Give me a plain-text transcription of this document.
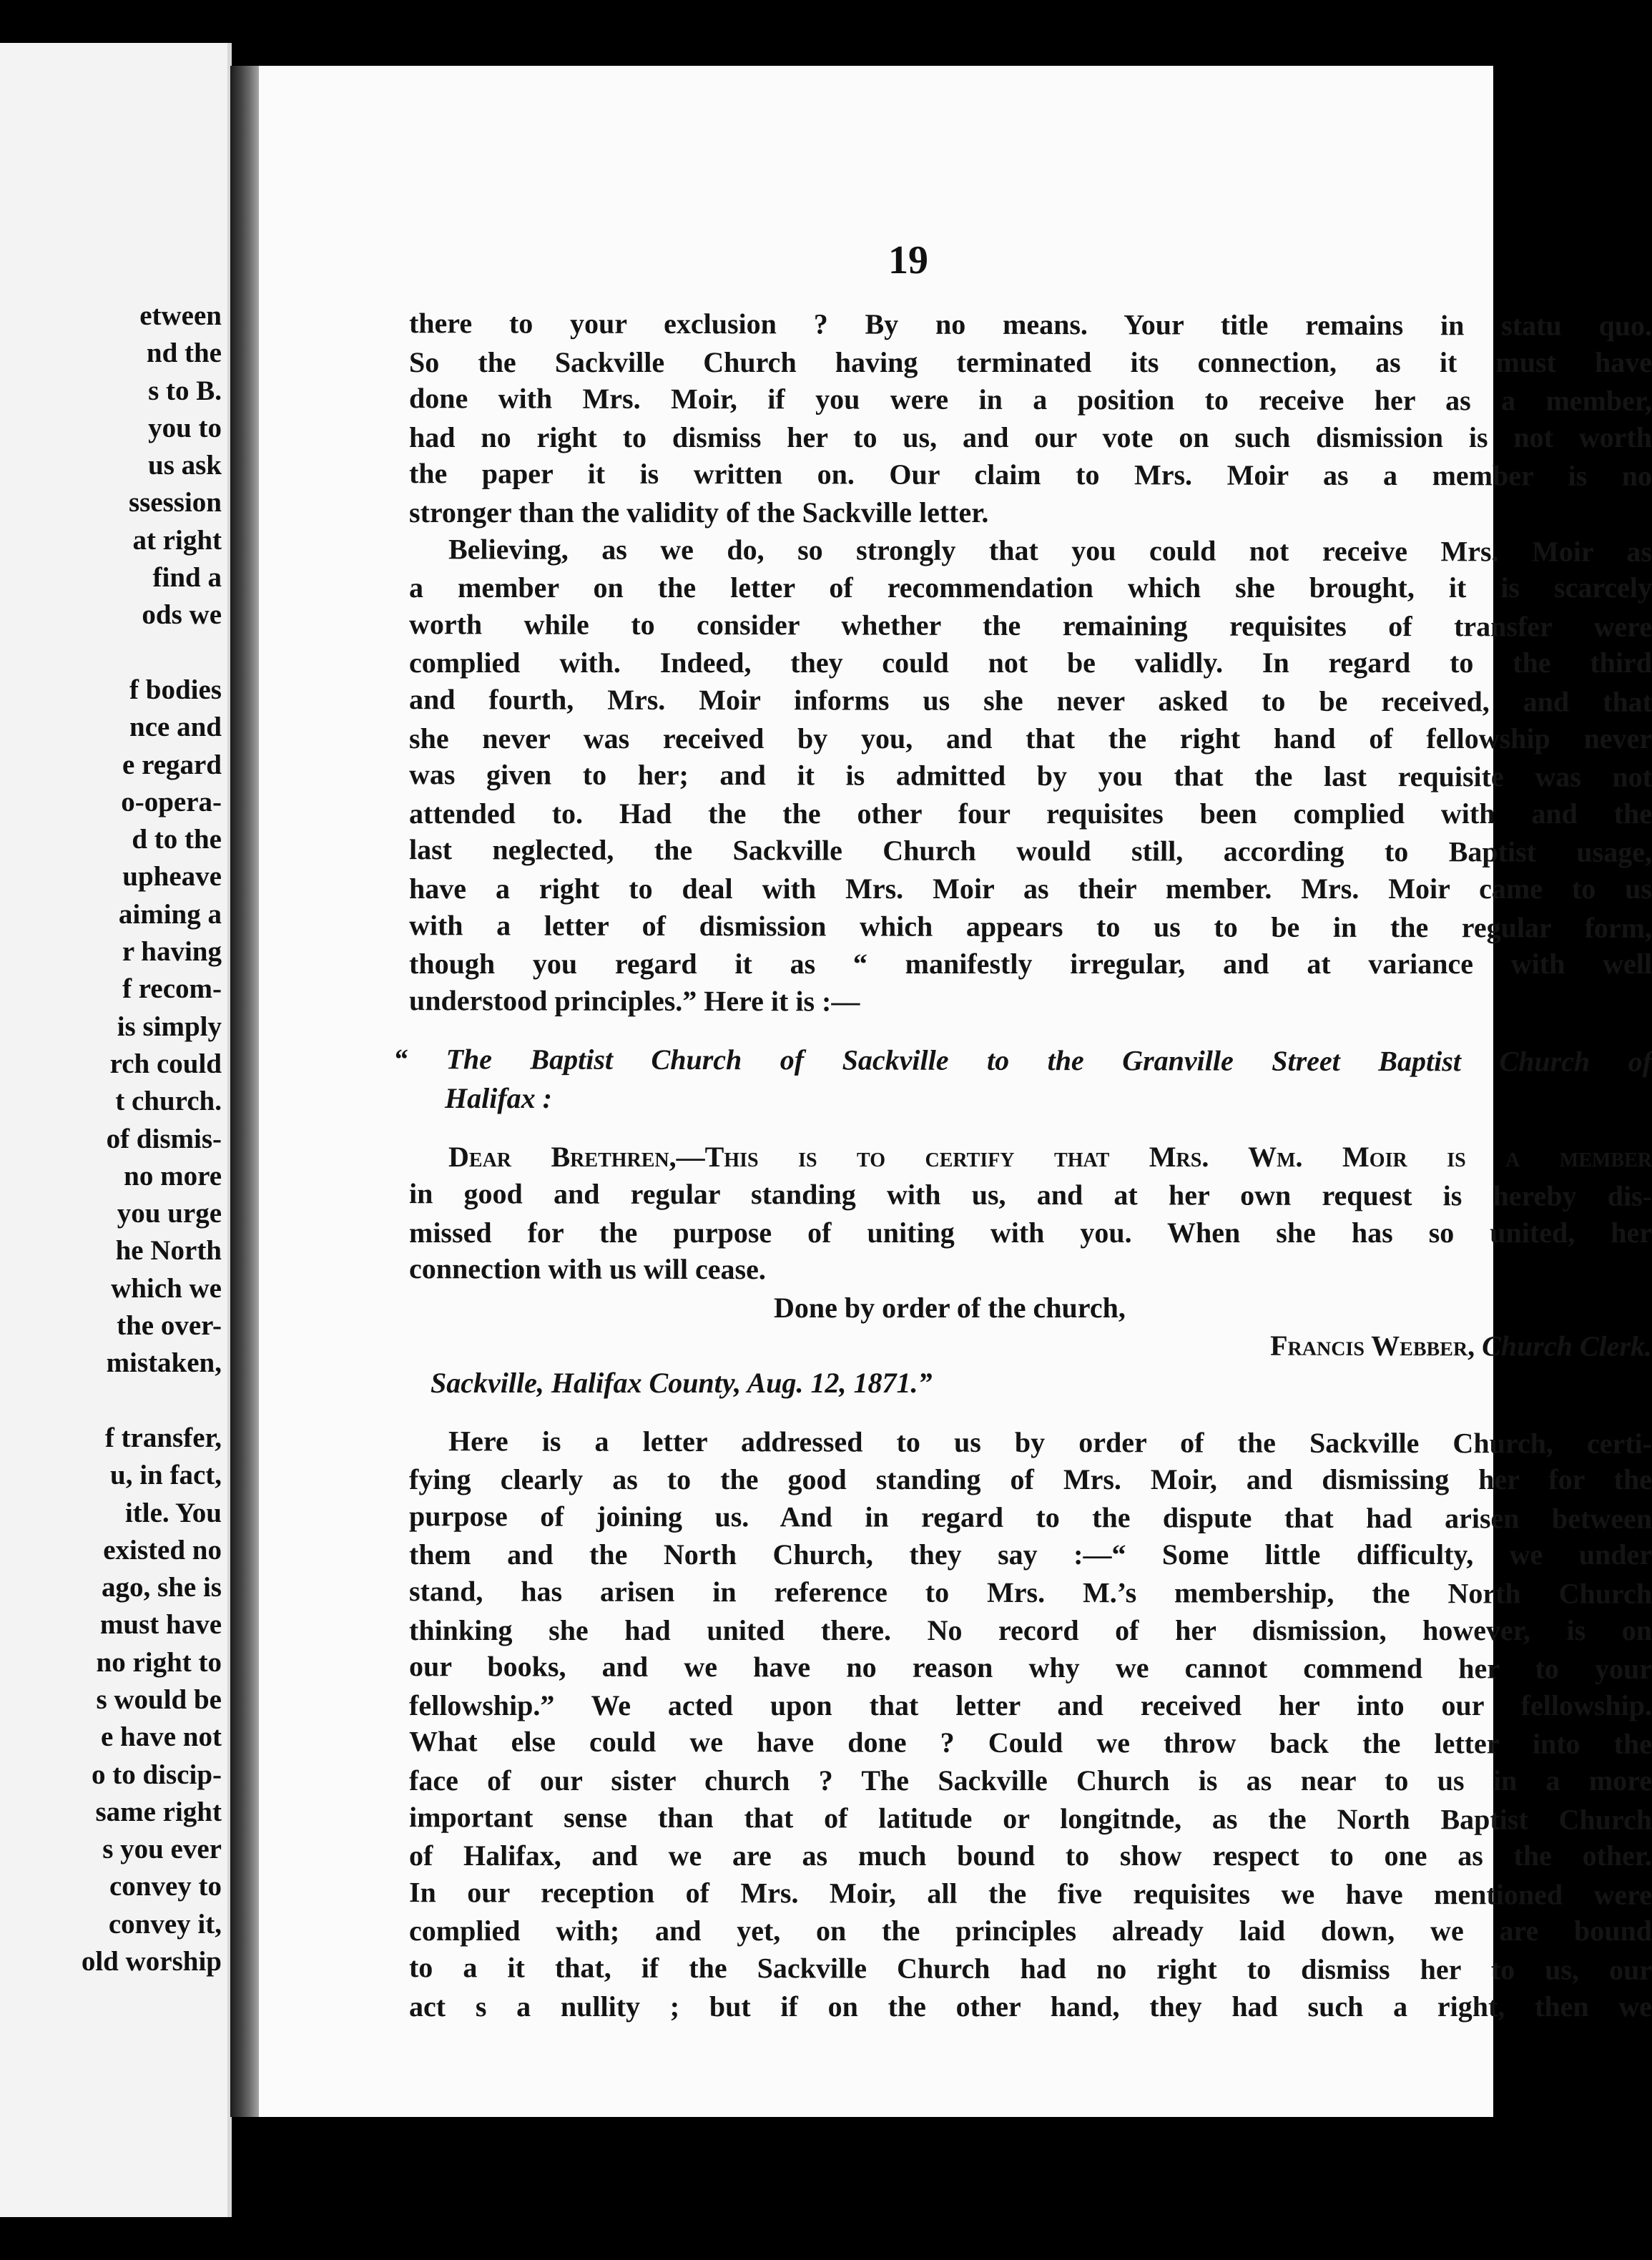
etween
nd the
s to B.
you to
us ask
ssession
at right
find a
ods we
f bodies
nce and
e regard
o-opera-
d to the
upheave
aiming a
r having
f recom-
is simply
rch could
t church.
of dismis-
no more
you urge
he North
which we
the over-
mistaken,
f transfer,
u, in fact,
itle. You
existed no
ago, she is
must have
no right to
s would be
e have not
o to discip-
same right
s you ever
convey to
convey it,
old worship
19
there to your exclusion ? By no means. Your title remains in statu quo.
So the Sackville Church having terminated its connection, as it must have
done with Mrs. Moir, if you were in a position to receive her as a member,
had no right to dismiss her to us, and our vote on such dismission is not worth
the paper it is written on. Our claim to Mrs. Moir as a member is no
stronger than the validity of the Sackville letter.
Believing, as we do, so strongly that you could not receive Mrs. Moir as
a member on the letter of recommendation which she brought, it is scarcely
worth while to consider whether the remaining requisites of transfer were
complied with. Indeed, they could not be validly. In regard to the third
and fourth, Mrs. Moir informs us she never asked to be received, and that
she never was received by you, and that the right hand of fellowship never
was given to her; and it is admitted by you that the last requisite was not
attended to. Had the the other four requisites been complied with and the
last neglected, the Sackville Church would still, according to Baptist usage,
have a right to deal with Mrs. Moir as their member. Mrs. Moir came to us
with a letter of dismission which appears to us to be in the regular form,
though you regard it as “ manifestly irregular, and at variance with well
understood principles.” Here it is :—
“ The Baptist Church of Sackville to the Granville Street Baptist Church of
Halifax :
Dear Brethren,—This is to certify that Mrs. Wm. Moir is a member
in good and regular standing with us, and at her own request is hereby dis-
missed for the purpose of uniting with you. When she has so united, her
connection with us will cease.
Done by order of the church,
Francis Webber, Church Clerk.
Sackville, Halifax County, Aug. 12, 1871.”
Here is a letter addressed to us by order of the Sackville Church, certi-
fying clearly as to the good standing of Mrs. Moir, and dismissing her for the
purpose of joining us. And in regard to the dispute that had arisen between
them and the North Church, they say :—“ Some little difficulty, we under
stand, has arisen in reference to Mrs. M.’s membership, the North Church
thinking she had united there. No record of her dismission, however, is on
our books, and we have no reason why we cannot commend her to your
fellowship.” We acted upon that letter and received her into our fellowship.
What else could we have done ? Could we throw back the letter into the
face of our sister church ? The Sackville Church is as near to us in a more
important sense than that of latitude or longitnde, as the North Baptist Church
of Halifax, and we are as much bound to show respect to one as the other.
In our reception of Mrs. Moir, all the five requisites we have mentioned were
complied with; and yet, on the principles already laid down, we are bound
to a it that, if the Sackville Church had no right to dismiss her to us, our
act s a nullity ; but if on the other hand, they had such a right, then we
